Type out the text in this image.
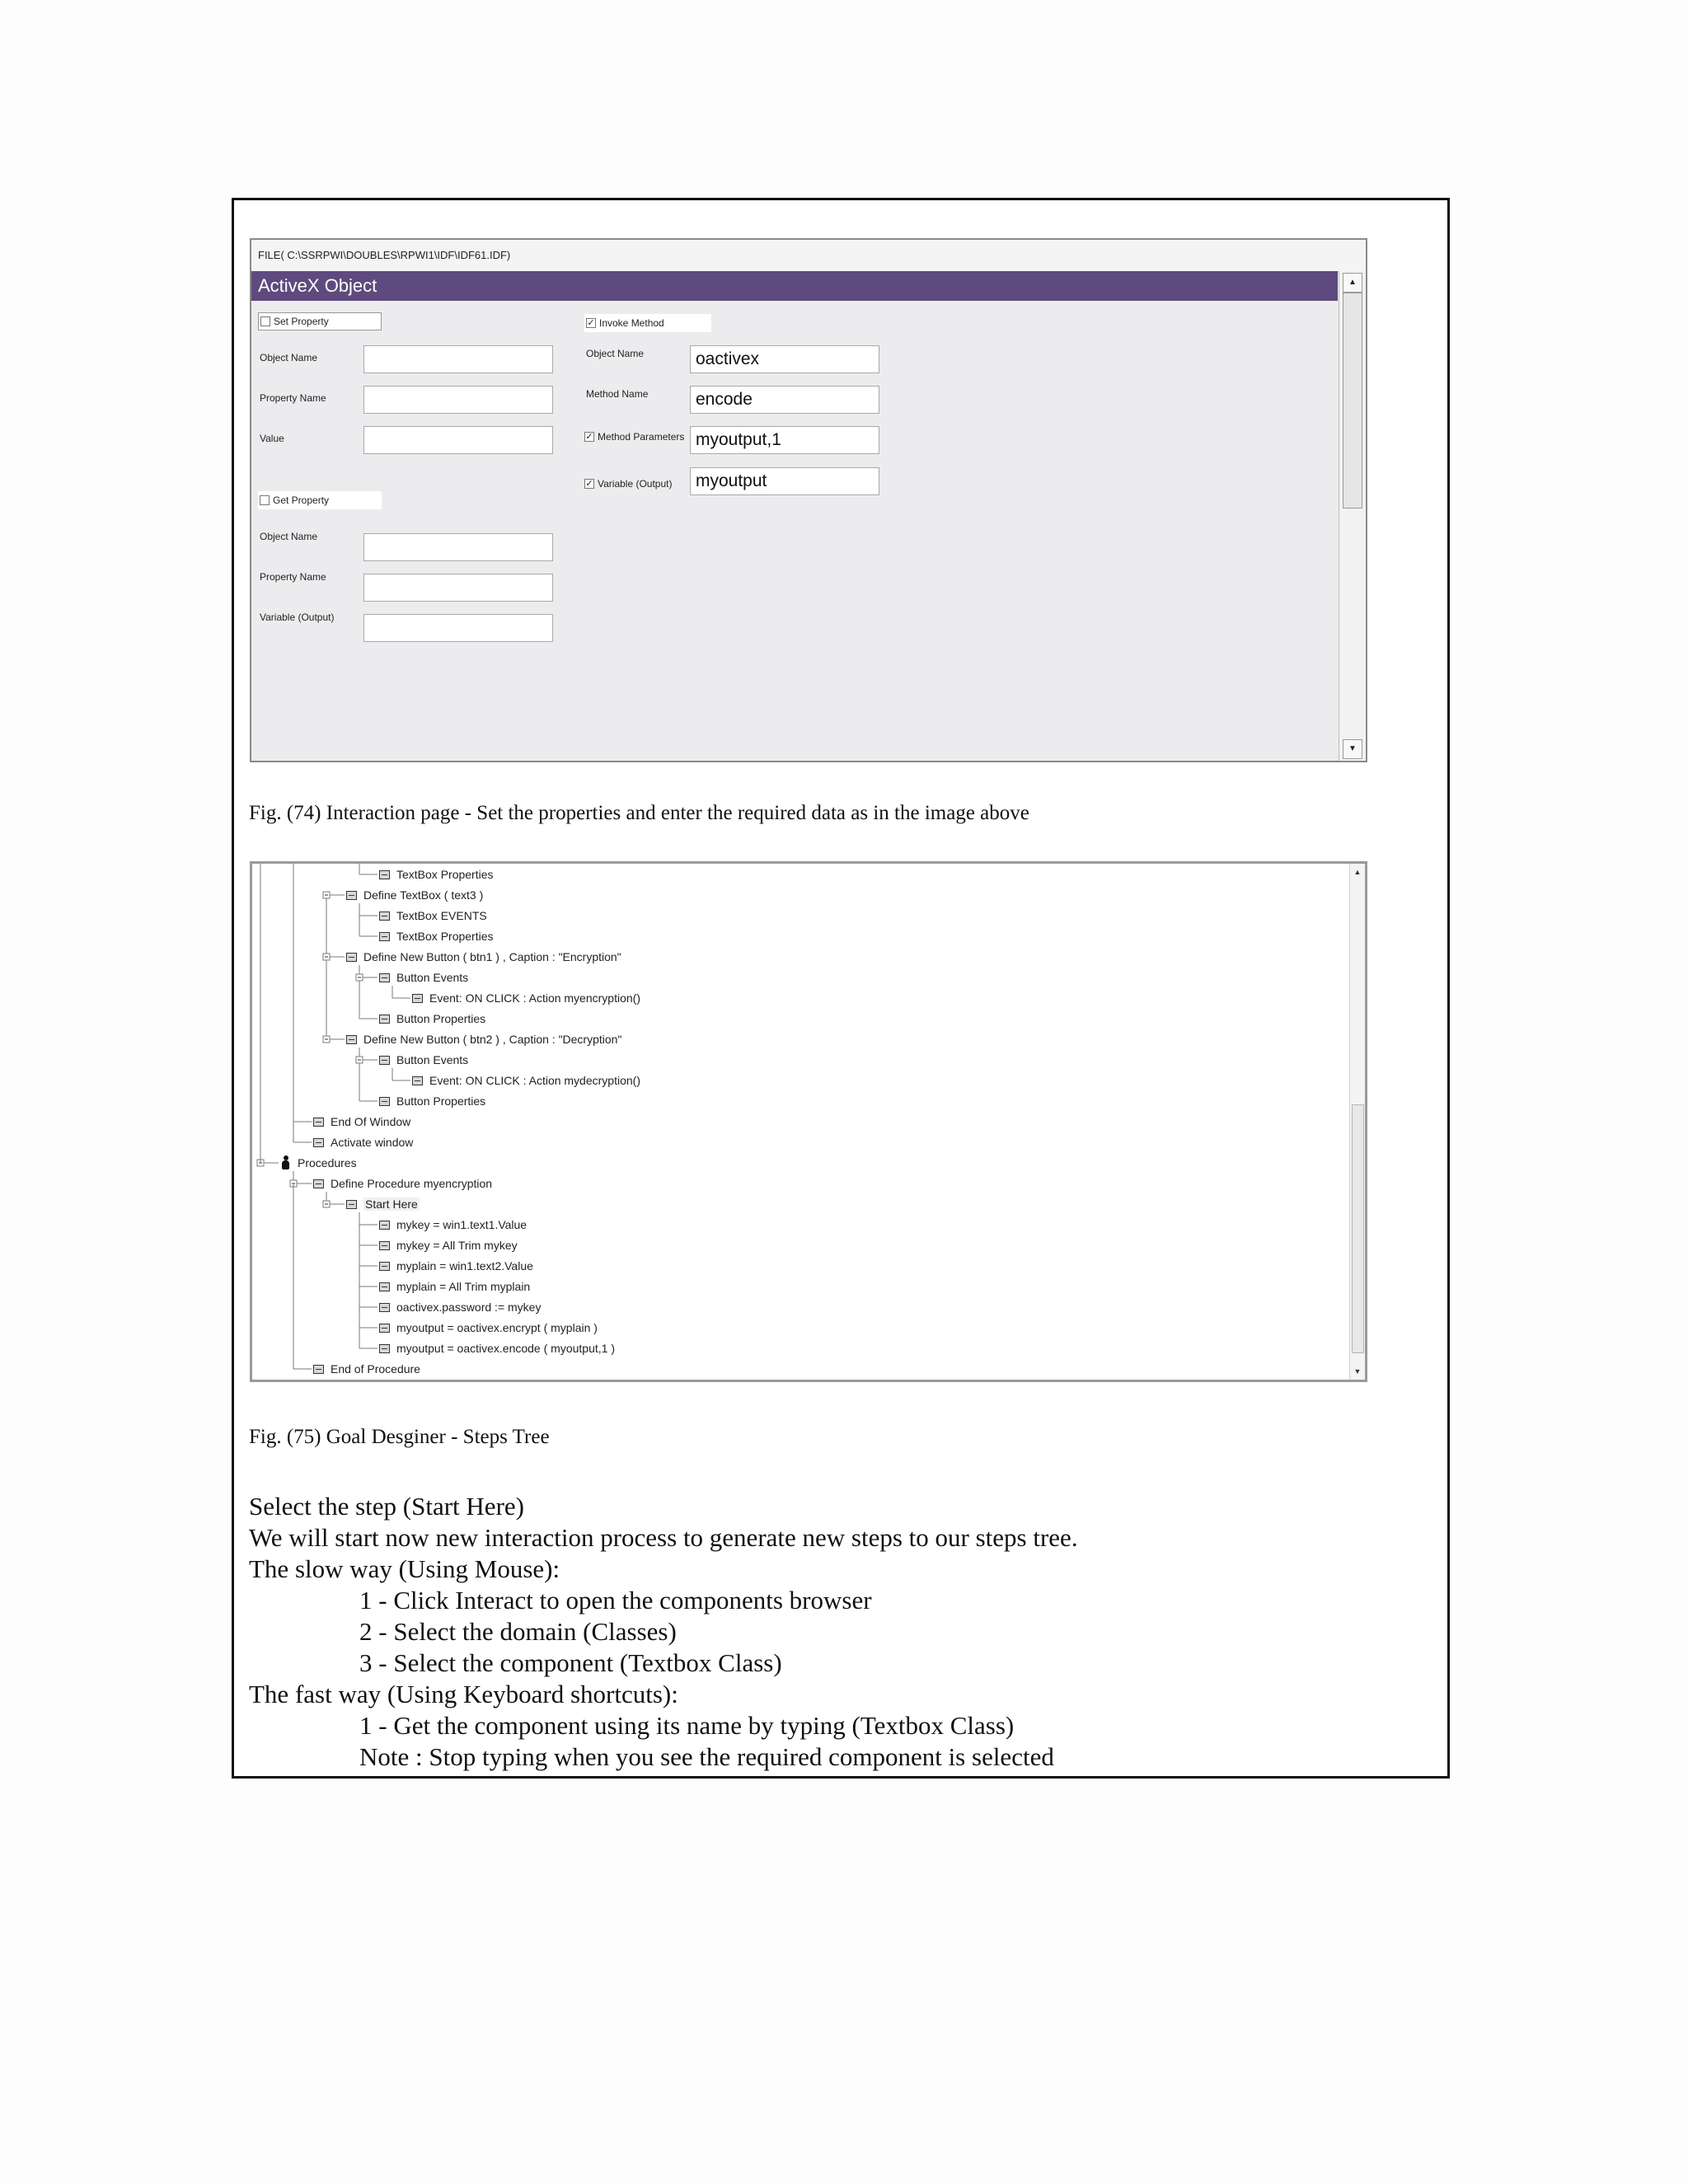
FILE( C:\SSRPWI\DOUBLES\RPWI1\IDF\IDF61.IDF)
ActiveX Object	▲
▼
Set Property
Object Name
Property Name
Value
Get Property
Object Name
Property Name
Variable (Output)
✓ Invoke Method
Object Name	oactivex
Method Name	encode
✓ Method Parameters myoutput,1
✓ Variable (Output)	myoutput
Fig. (74) Interaction page - Set the properties and enter the required data as in the image above
TextBox Properties
Define TextBox ( text3 )
TextBox EVENTS
TextBox Properties
Define New Button ( btn1 ) , Caption : "Encryption"
Button Events
Event: ON CLICK : Action myencryption()
Button Properties
Define New Button ( btn2 ) , Caption : "Decryption"
Button Events
Event: ON CLICK : Action mydecryption()
Button Properties
End Of Window
Activate window
Procedures
Define Procedure myencryption
Start Here
mykey = win1.text1.Value
mykey = All Trim mykey
myplain = win1.text2.Value
myplain = All Trim myplain
oactivex.password := mykey
myoutput = oactivex.encrypt ( myplain )
myoutput = oactivex.encode ( myoutput,1 )
End of Procedure
▲
▼
Fig. (75) Goal Desginer - Steps Tree
Select the step (Start Here)
We will start now new interaction process to generate new steps to our steps tree.
The slow way (Using Mouse):
1 - Click Interact to open the components browser
2 - Select the domain (Classes)
3 - Select the component (Textbox Class)
The fast way (Using Keyboard shortcuts):
1 - Get the component using its name by typing (Textbox Class)
Note : Stop typing when you see the required component is selected
